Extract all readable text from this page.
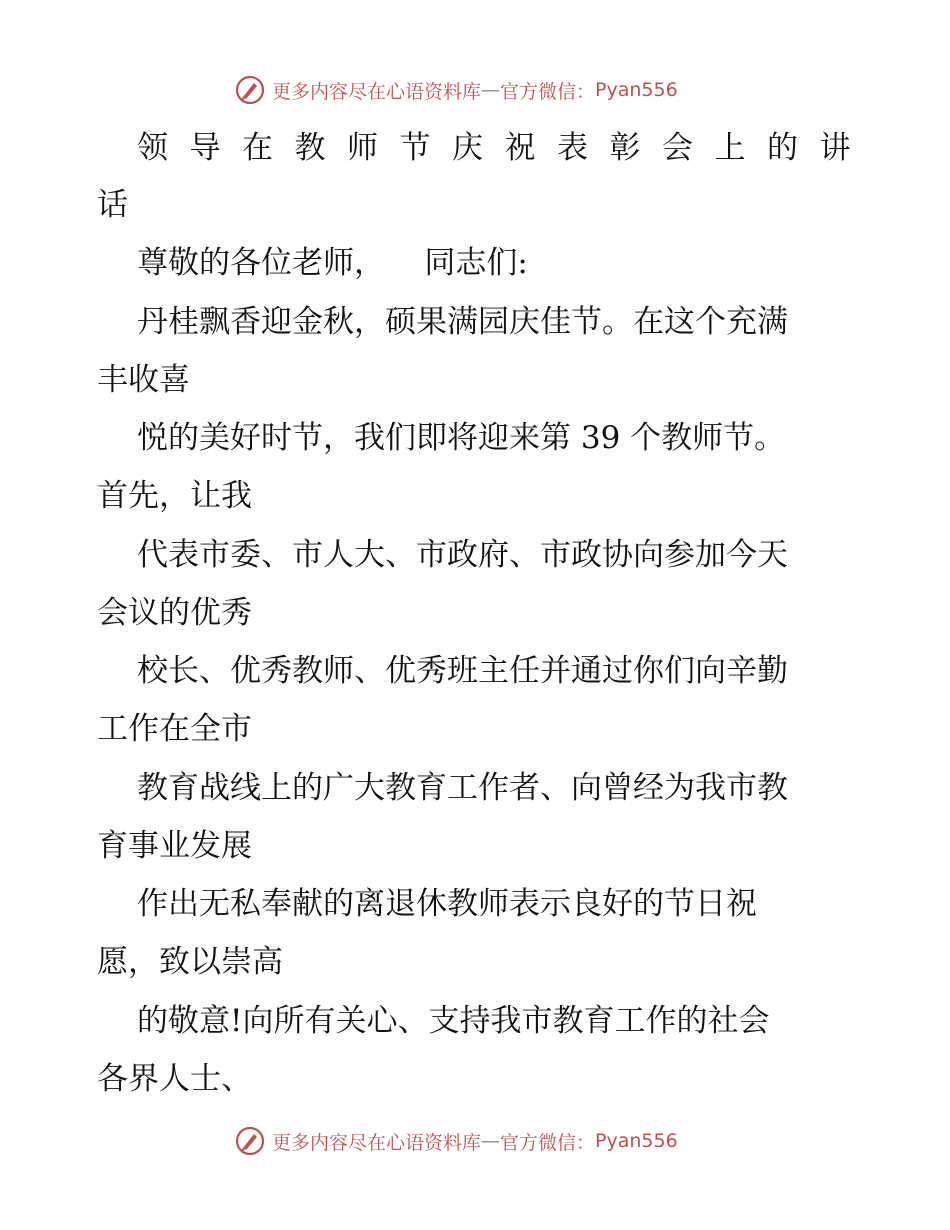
更多内容尽在心语资料库 — 官方微信： Pyan556
领导在教师节庆祝表彰会上的讲
话
尊敬的各位老师，    同志们:
丹桂飘香迎金秋，硕果满园庆佳节。在这个充满
丰收喜
悦的美好时节，我们即将迎来第 39 个教师节。
首先，让我
代表市委、市人大、市政府、市政协向参加今天
会议的优秀
校长、优秀教师、优秀班主任并通过你们向辛勤
工作在全市
教育战线上的广大教育工作者、向曾经为我市教
育事业发展
作出无私奉献的离退休教师表示良好的节日祝
愿，致以崇高
的敬意!向所有关心、支持我市教育工作的社会
各界人士、
更多内容尽在心语资料库 — 官方微信： Pyan556
